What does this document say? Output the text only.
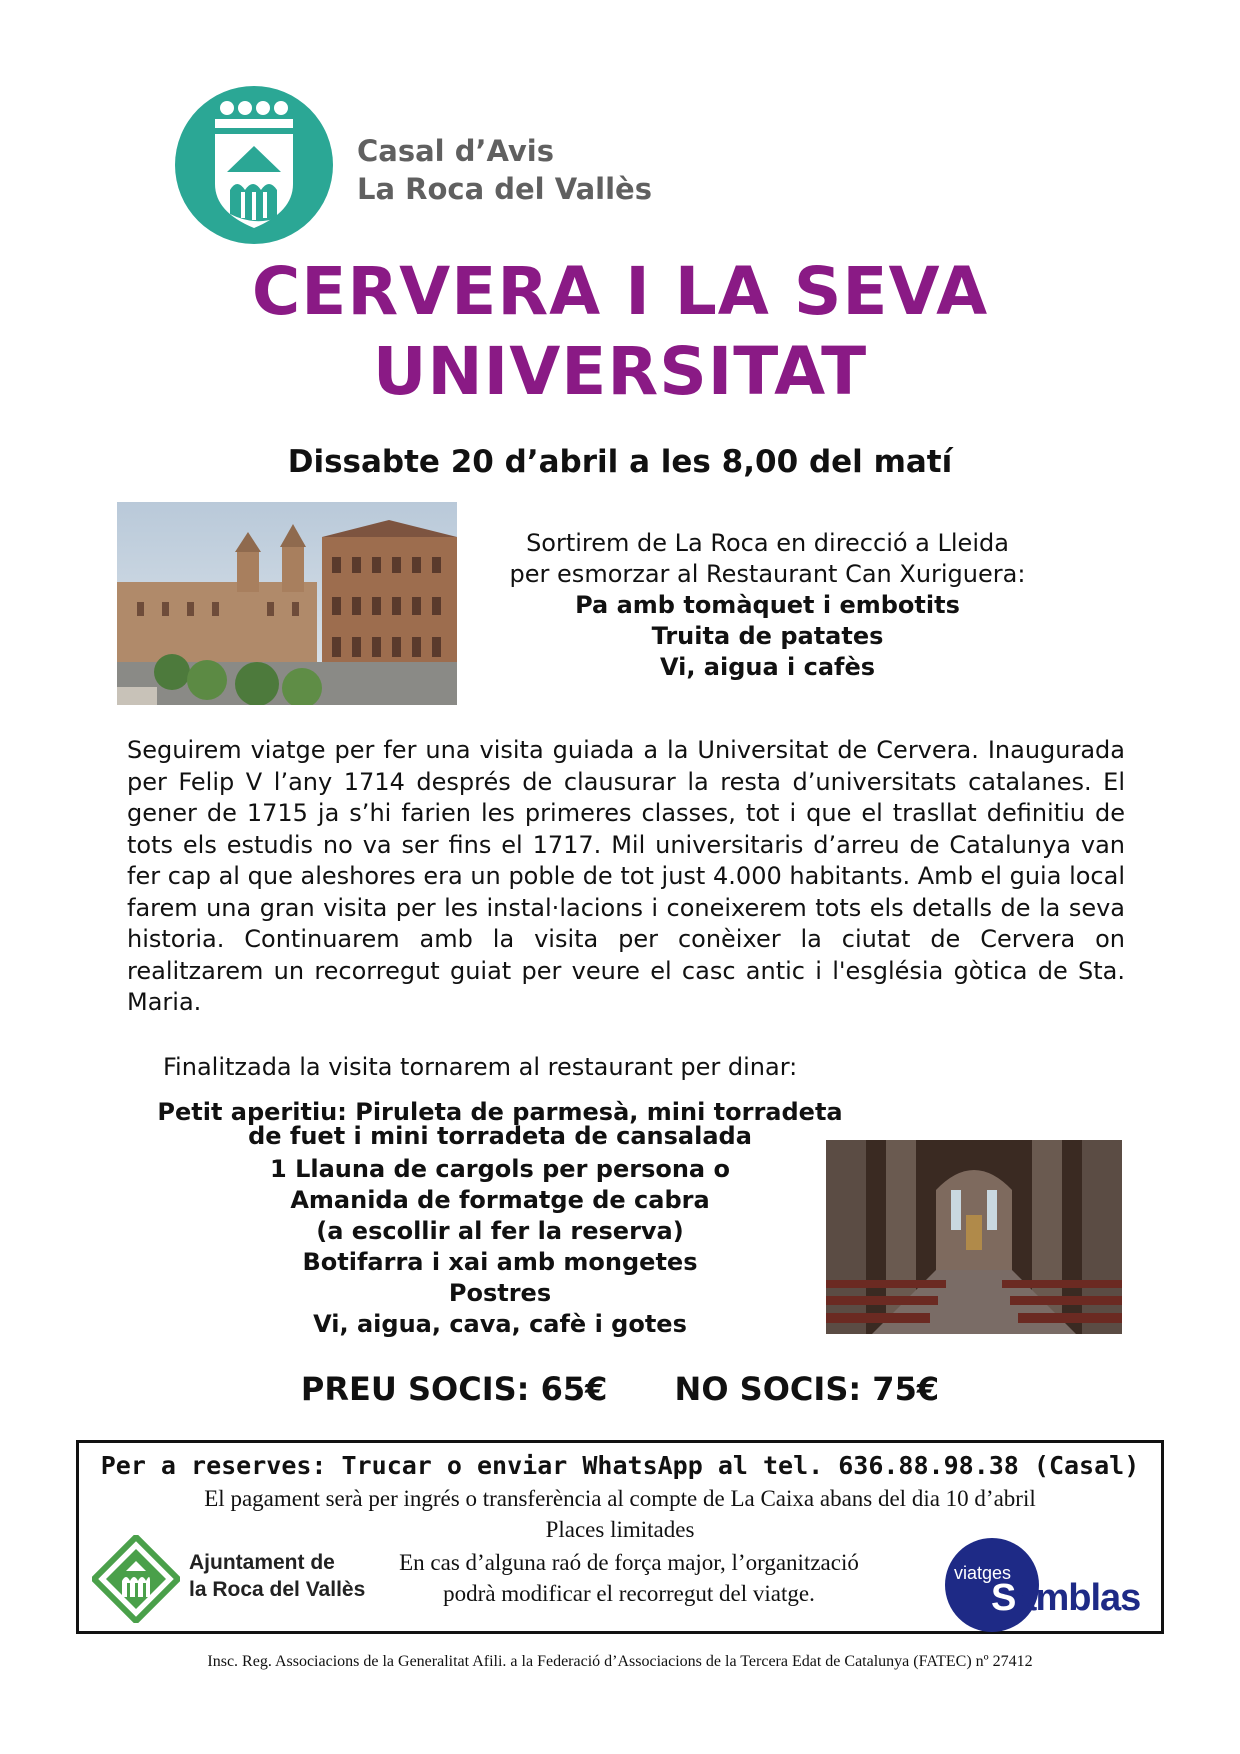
Casal d’Avis
La Roca del Vallès
CERVERA I LA SEVA
UNIVERSITAT
Dissabte 20 d’abril a les 8,00 del matí
Sortirem de La Roca en direcció a Lleida
per esmorzar al Restaurant Can Xuriguera:
Pa amb tomàquet i embotits
Truita de patates
Vi, aigua i cafès
Seguirem viatge per fer una visita guiada a la Universitat de Cervera. Inaugurada per Felip V l’any 1714 després de clausurar la resta d’universitats catalanes. El gener de 1715 ja s’hi farien les primeres classes, tot i que el trasllat definitiu de tots els estudis no va ser fins el 1717. Mil universitaris d’arreu de Catalunya van fer cap al que aleshores era un poble de tot just 4.000 habitants. Amb el guia local farem una gran visita per les instal·lacions i coneixerem tots els detalls de la seva historia. Continuarem amb la visita per conèixer la ciutat de Cervera on realitzarem un recorregut guiat per veure el casc antic i l'església gòtica de Sta. Maria.
Finalitzada la visita tornarem al restaurant per dinar:
Petit aperitiu: Piruleta de parmesà, mini torradeta
de fuet i mini torradeta de cansalada
1 Llauna de cargols per persona o
Amanida de formatge de cabra
(a escollir al fer la reserva)
Botifarra i xai amb mongetes
Postres
Vi, aigua, cava, cafè i gotes
PREU SOCIS: 65€ NO SOCIS: 75€
Per a reserves: Trucar o enviar WhatsApp al tel. 636.88.98.38 (Casal)
El pagament serà per ingrés o transferència al compte de La Caixa abans del dia 10 d’abril
Places limitades
En cas d’alguna raó de força major, l’organització
podrà modificar el recorregut del viatge.
Ajuntament de
la Roca del Vallès
viatges
Samblas
Insc. Reg. Associacions de la Generalitat Afili. a la Federació d’Associacions de la Tercera Edat de Catalunya (FATEC) nº 27412
